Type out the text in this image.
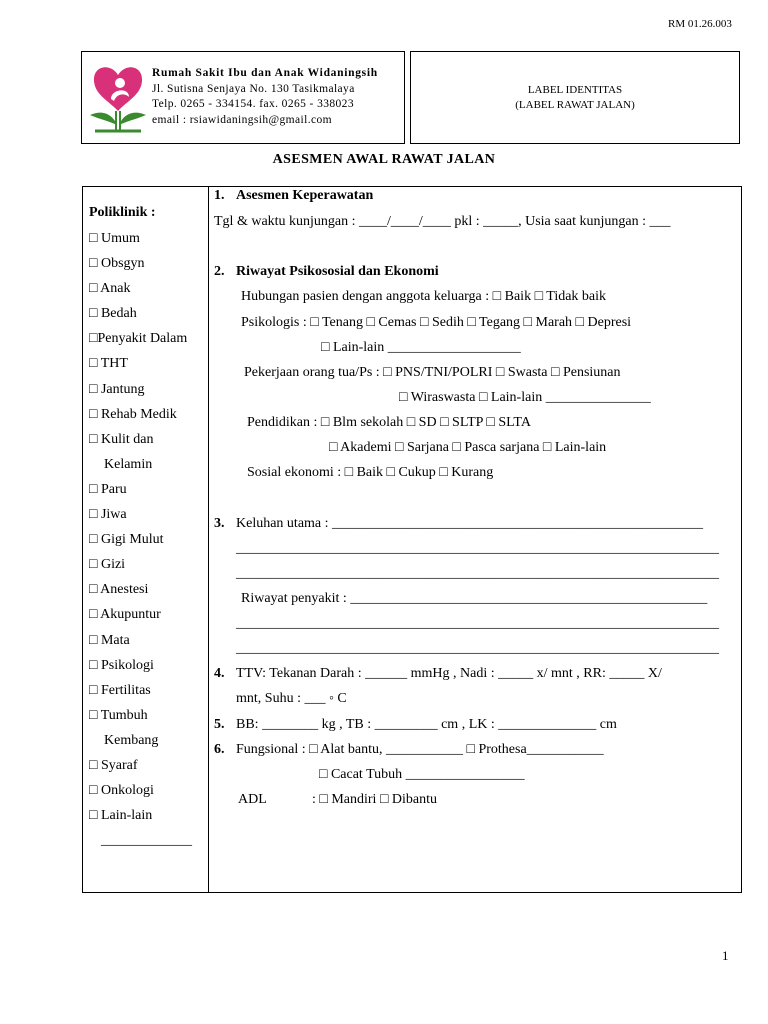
RM 01.26.003
Rumah Sakit Ibu dan Anak Widaningsih
Jl. Sutisna Senjaya No. 130 Tasikmalaya
Telp. 0265 - 334154. fax. 0265 - 338023
email : rsiawidaningsih@gmail.com
LABEL IDENTITAS
(LABEL RAWAT JALAN)
ASESMEN AWAL RAWAT JALAN
Poliklinik :
□ Umum
□ Obsgyn
□ Anak
□ Bedah
□Penyakit Dalam
□ THT
□ Jantung
□ Rehab Medik
□ Kulit dan
Kelamin
□ Paru
□ Jiwa
□ Gigi Mulut
□ Gizi
□ Anestesi
□ Akupuntur
□ Mata
□ Psikologi
□ Fertilitas
□ Tumbuh
Kembang
□ Syaraf
□ Onkologi
□ Lain-lain
_____________
1. Asesmen Keperawatan
Tgl & waktu kunjungan : ____/____/____ pkl : _____, Usia saat kunjungan : ___
2. Riwayat Psikososial dan Ekonomi
Hubungan pasien dengan anggota keluarga : □ Baik □ Tidak baik
Psikologis : □ Tenang □ Cemas □ Sedih □ Tegang □ Marah □ Depresi
□ Lain-lain ___________________
Pekerjaan orang tua/Ps : □ PNS/TNI/POLRI □ Swasta □ Pensiunan
□ Wiraswasta □ Lain-lain _______________
Pendidikan : □ Blm sekolah □ SD □ SLTP □ SLTA
□ Akademi □ Sarjana □ Pasca sarjana □ Lain-lain
Sosial ekonomi : □ Baik □ Cukup □ Kurang
3. Keluhan utama : _____________________________________________________
_____________________________________________________________________
_____________________________________________________________________
Riwayat penyakit : ___________________________________________________
_____________________________________________________________________
_____________________________________________________________________
4. TTV: Tekanan Darah : ______ mmHg , Nadi : _____ x/ mnt , RR: _____ X/
mnt, Suhu : ___ ◦ C
5. BB: ________ kg , TB : _________ cm , LK : ______________ cm
6. Fungsional : □ Alat bantu, ___________ □ Prothesa___________
□ Cacat Tubuh _________________
ADL	: □ Mandiri □ Dibantu
1
